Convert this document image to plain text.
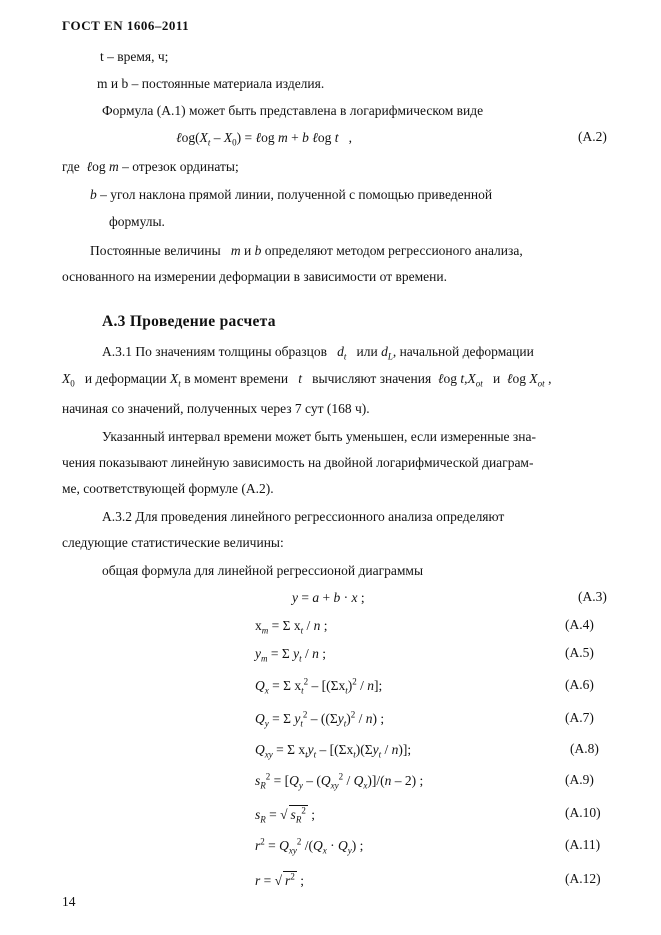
ГОСТ EN 1606–2011
t – время, ч;
m и b – постоянные материала изделия.
Формула (А.1) может быть представлена в логарифмическом виде
$\ell og(X_t - X_0)$ = ℓog m + b ℓog t   ,	(А.2)
где  ℓog m – отрезок ординаты;
b – угол наклона прямой линии, полученной с помощью приведенной
формулы.
Постоянные величины m и b определяют методом регрессионого анализа,
основанного на измерении деформации в зависимости от времени.
А.3 Проведение расчета
А.3.1 По значениям толщины образцов $d_t$ или $d_L$, начальной деформации
$X_0$ и деформации $X_t$ в момент времени t вычисляют значения ℓog $t,X_{ot}$ и ℓog $X_{ot}$ ,
начиная со значений, полученных через 7 сут (168 ч).
Указанный интервал времени может быть уменьшен, если измеренные зна-
чения показывают линейную зависимость на двойной логарифмической диаграм-
ме, соответствующей формуле (А.2).
А.3.2 Для проведения линейного регрессионного анализа определяют
следующие статистические величины:
общая формула для линейной регрессионой диаграммы
y = a + b · x ;	(А.3)
$x_m = \Sigma$ $x_t$ / n ;	(А.4)
$y_m = \Sigma$ $y_t$ / n ;	(А.5)
$Q_x = \Sigma$ $x_t^2 - [(\Sigma x_t)^2 / n]$;	(А.6)
$Q_y = \Sigma$ $y_t^2 - ((\Sigma y_t)^2 / n)$ ;	(А.7)
$Q_{xy} = \Sigma$ $x_ty_t - [(\Sigma x_t)(\Sigma y_t / n)]$;	(А.8)
$s_R^2 = [Q_y - (Q_{xy}^2 / Q_x)]/(n - 2)$ ;	(А.9)
$s_R$ = √ $s_R^2$ ;	(А.10)
$r^2 = Q_{xy}^2$ $/(Q_x \cdot Q_y)$ ;	(А.11)
r = √ $r^2$ ;	(А.12)
14
